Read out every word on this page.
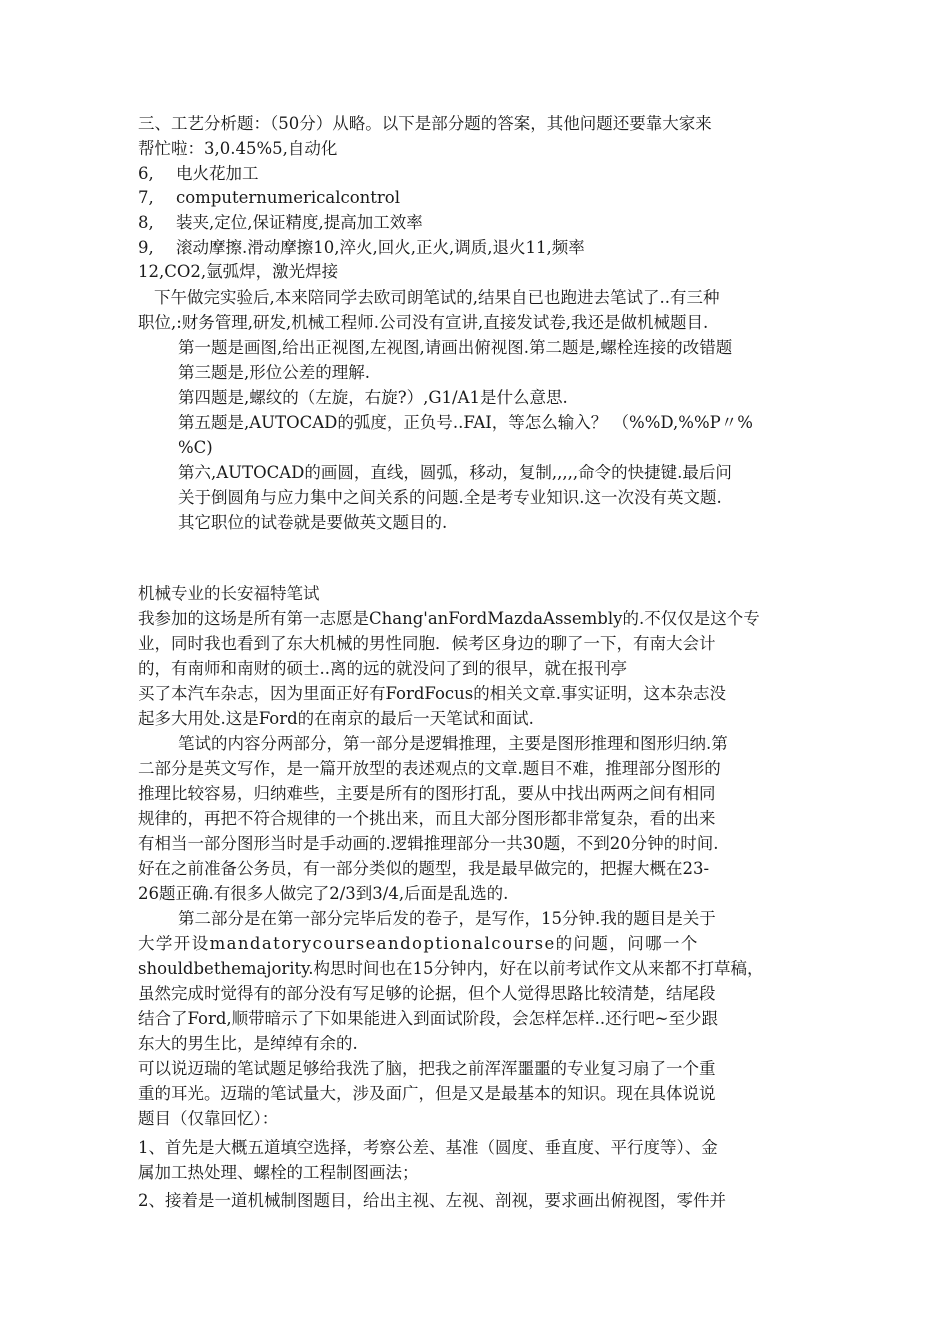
三、工艺分析题：（50分）从略。以下是部分题的答案，其他问题还要靠大家来
帮忙啦：3,0.45%5,自动化
6, 电火花加工
7, computernumericalcontrol
8, 装夹,定位,保证精度,提高加工效率
9, 滚动摩擦.滑动摩擦10,淬火,回火,正火,调质,退火11,频率
12,CO2,氩弧焊，激光焊接
下午做完实验后,本来陪同学去欧司朗笔试的,结果自已也跑进去笔试了..有三种
职位,:财务管理,研发,机械工程师.公司没有宣讲,直接发试卷,我还是做机械题目.
第一题是画图,给出正视图,左视图,请画出俯视图.第二题是,螺栓连接的改错题
第三题是,形位公差的理解.
第四题是,螺纹的（左旋，右旋?）,G1/A1是什么意思.
第五题是,AUTOCAD的弧度，正负号..FAI，等怎么输入？ （%%D,%%P〃%
%C)
第六,AUTOCAD的画圆，直线，圆弧，移动，复制,,,,,命令的快捷键.最后问
关于倒圆角与应力集中之间关系的问题.全是考专业知识.这一次没有英文题.
其它职位的试卷就是要做英文题目的.
机械专业的长安福特笔试
我参加的这场是所有第一志愿是Chang'anFordMazdaAssembly的.不仅仅是这个专
业，同时我也看到了东大机械的男性同胞．候考区身边的聊了一下，有南大会计
的，有南师和南财的硕士..离的远的就没问了到的很早，就在报刊亭
买了本汽车杂志，因为里面正好有FordFocus的相关文章.事实证明，这本杂志没
起多大用处.这是Ford的在南京的最后一天笔试和面试.
笔试的内容分两部分，第一部分是逻辑推理，主要是图形推理和图形归纳.第
二部分是英文写作，是一篇开放型的表述观点的文章.题目不难，推理部分图形的
推理比较容易，归纳难些，主要是所有的图形打乱，要从中找出两两之间有相同
规律的，再把不符合规律的一个挑出来，而且大部分图形都非常复杂，看的出来
有相当一部分图形当时是手动画的.逻辑推理部分一共30题，不到20分钟的时间.
好在之前准备公务员，有一部分类似的题型，我是最早做完的，把握大概在23-
26题正确.有很多人做完了2/3到3/4,后面是乱选的.
第二部分是在第一部分完毕后发的卷子，是写作，15分钟.我的题目是关于
大学开设mandatorycourseandoptionalcourse的问题，问哪一个
shouldbethemajority.构思时间也在15分钟内，好在以前考试作文从来都不打草稿，
虽然完成时觉得有的部分没有写足够的论据，但个人觉得思路比较清楚，结尾段
结合了Ford,顺带暗示了下如果能进入到面试阶段，会怎样怎样..还行吧~至少跟
东大的男生比，是绰绰有余的.
可以说迈瑞的笔试题足够给我洗了脑，把我之前浑浑噩噩的专业复习扇了一个重
重的耳光。迈瑞的笔试量大，涉及面广，但是又是最基本的知识。现在具体说说
题目（仅靠回忆）：
1、首先是大概五道填空选择，考察公差、基准（圆度、垂直度、平行度等）、金
属加工热处理、螺栓的工程制图画法；
2、接着是一道机械制图题目，给出主视、左视、剖视，要求画出俯视图，零件并
